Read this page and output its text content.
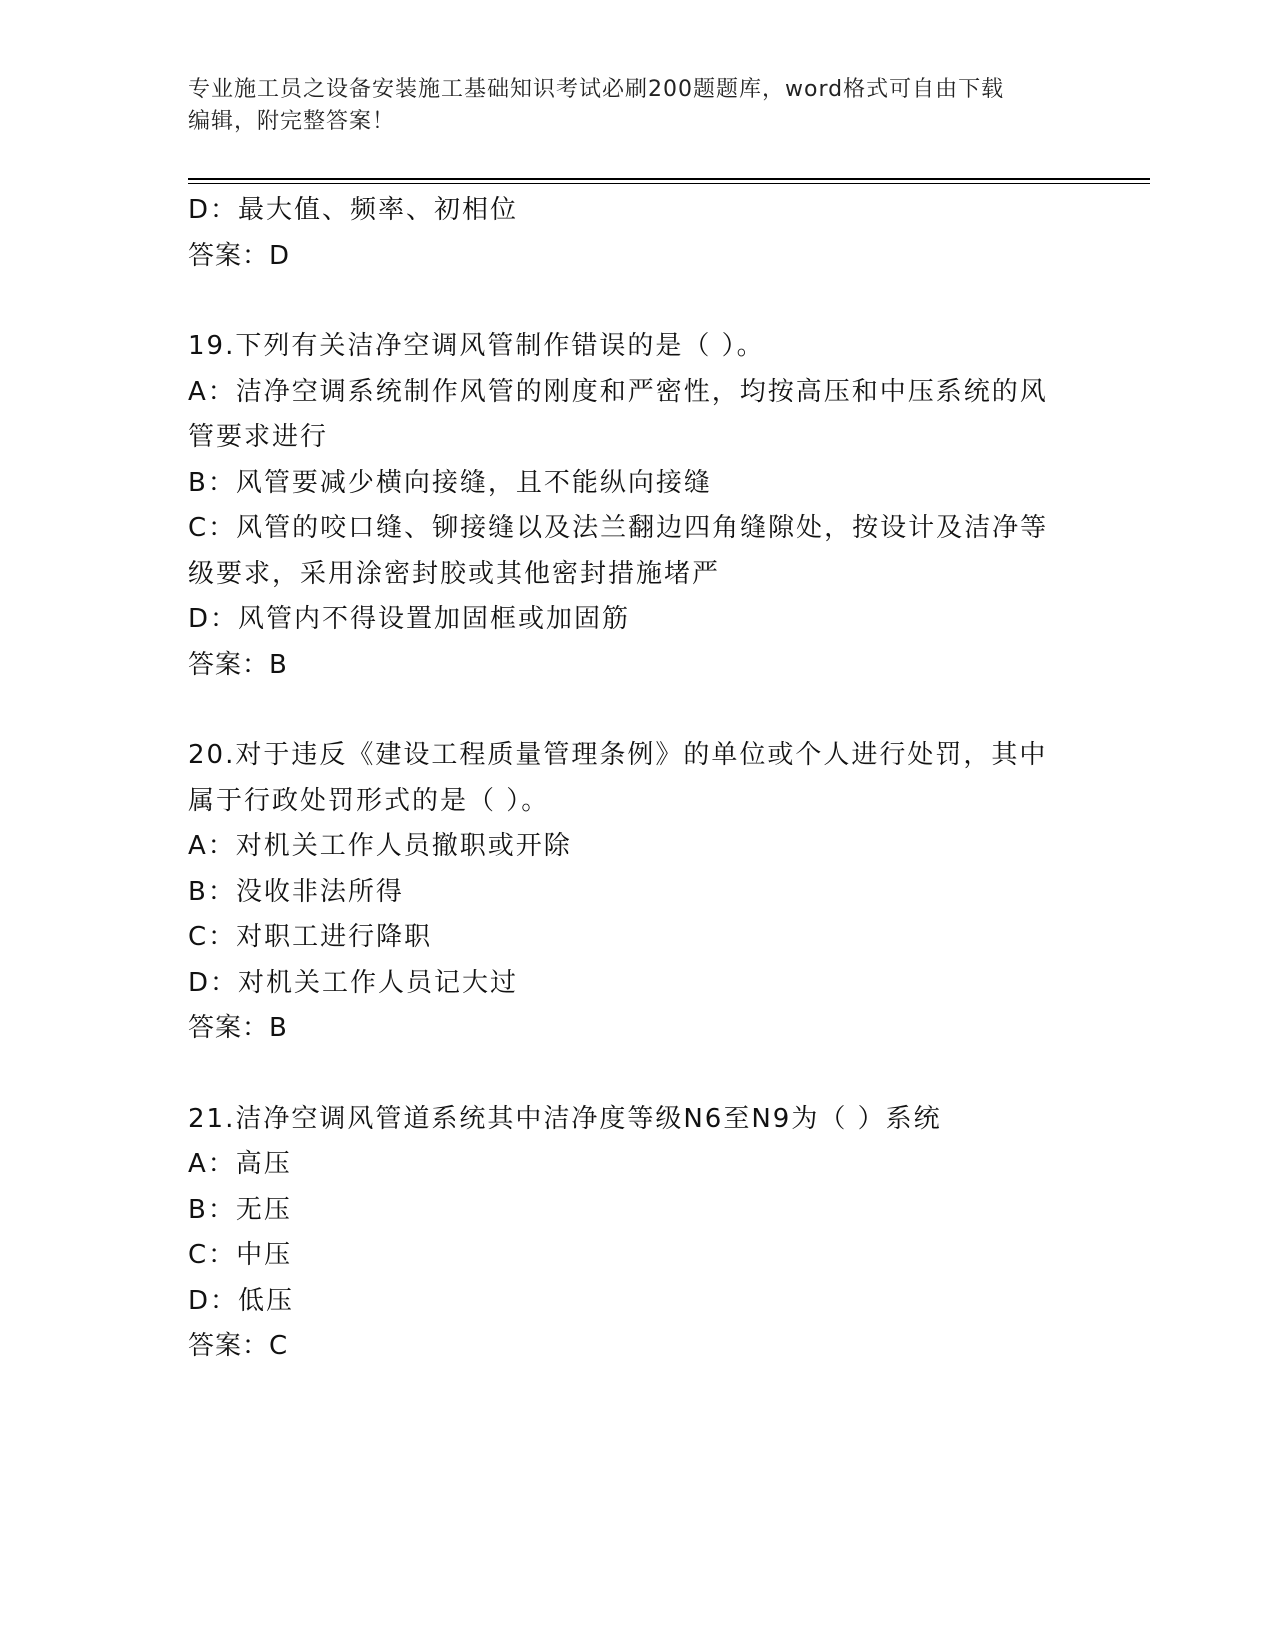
专业施工员之设备安装施工基础知识考试必刷200题题库，word格式可自由下载
编辑，附完整答案！
D：最大值、频率、初相位
答案：D
19.下列有关洁净空调风管制作错误的是（ ）。
A：洁净空调系统制作风管的刚度和严密性，均按高压和中压系统的风
管要求进行
B：风管要减少横向接缝，且不能纵向接缝
C：风管的咬口缝、铆接缝以及法兰翻边四角缝隙处，按设计及洁净等
级要求，采用涂密封胶或其他密封措施堵严
D：风管内不得设置加固框或加固筋
答案：B
20.对于违反《建设工程质量管理条例》的单位或个人进行处罚，其中
属于行政处罚形式的是（ ）。
A：对机关工作人员撤职或开除
B：没收非法所得
C：对职工进行降职
D：对机关工作人员记大过
答案：B
21.洁净空调风管道系统其中洁净度等级N6至N9为（ ）系统
A：高压
B：无压
C：中压
D：低压
答案：C
